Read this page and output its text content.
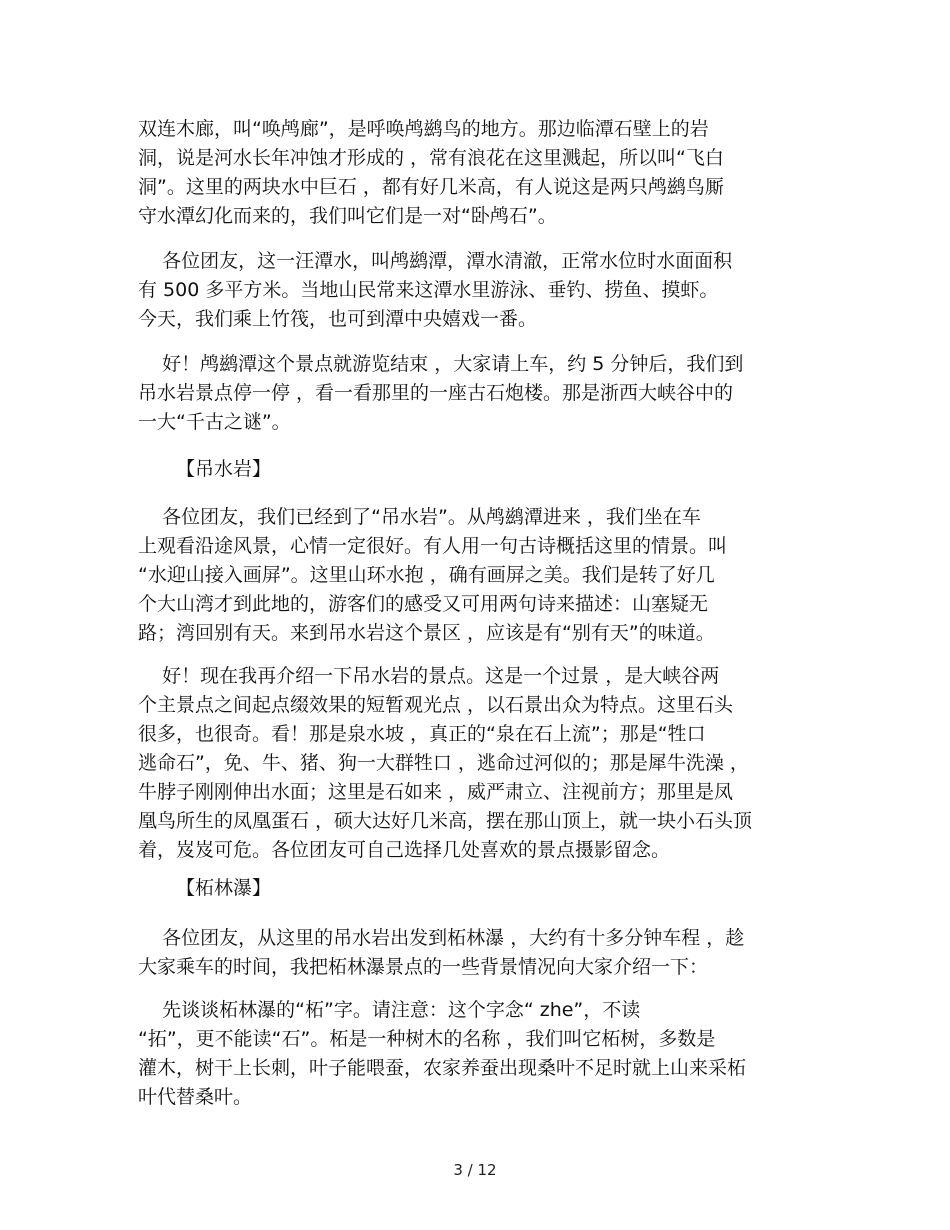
双连木廊，叫“唤鸬廊”，是呼唤鸬鹚鸟的地方。那边临潭石壁上的岩
洞，说是河水长年冲蚀才形成的 ，常有浪花在这里溅起，所以叫“飞白
洞”。这里的两块水中巨石 ，都有好几米高，有人说这是两只鸬鹚鸟厮
守水潭幻化而来的，我们叫它们是一对“卧鸬石”。
各位团友，这一汪潭水，叫鸬鹚潭，潭水清澈，正常水位时水面面积
有 500 多平方米。当地山民常来这潭水里游泳、垂钓、捞鱼、摸虾。
今天，我们乘上竹筏，也可到潭中央嬉戏一番。
好！鸬鹚潭这个景点就游览结束 ，大家请上车，约 5 分钟后，我们到
吊水岩景点停一停 ，看一看那里的一座古石炮楼。那是浙西大峡谷中的
一大“千古之谜”。
【吊水岩】
各位团友，我们已经到了“吊水岩”。从鸬鹚潭进来 ，我们坐在车
上观看沿途风景，心情一定很好。有人用一句古诗概括这里的情景。叫
“水迎山接入画屏”。这里山环水抱 ，确有画屏之美。我们是转了好几
个大山湾才到此地的，游客们的感受又可用两句诗来描述：山塞疑无
路；湾回别有天。来到吊水岩这个景区 ，应该是有“别有天”的味道。
好！现在我再介绍一下吊水岩的景点。这是一个过景 ，是大峡谷两
个主景点之间起点缀效果的短暂观光点 ，以石景出众为特点。这里石头
很多，也很奇。看！那是泉水坡 ，真正的“泉在石上流”；那是“牲口
逃命石”，免、牛、猪、狗一大群牲口 ，逃命过河似的；那是犀牛洗澡 ，
牛脖子刚刚伸出水面；这里是石如来 ，威严肃立、注视前方；那里是凤
凰鸟所生的凤凰蛋石 ，硕大达好几米高，摆在那山顶上，就一块小石头顶
着，岌岌可危。各位团友可自己选择几处喜欢的景点摄影留念。
【柘林瀑】
各位团友，从这里的吊水岩出发到柘林瀑 ，大约有十多分钟车程 ，趁
大家乘车的时间，我把柘林瀑景点的一些背景情况向大家介绍一下：
先谈谈柘林瀑的“柘”字。请注意：这个字念“ zhe”，不读
“拓”，更不能读“石”。柘是一种树木的名称 ，我们叫它柘树，多数是
灌木，树干上长刺，叶子能喂蚕，农家养蚕出现桑叶不足时就上山来采柘
叶代替桑叶。
3 / 12
